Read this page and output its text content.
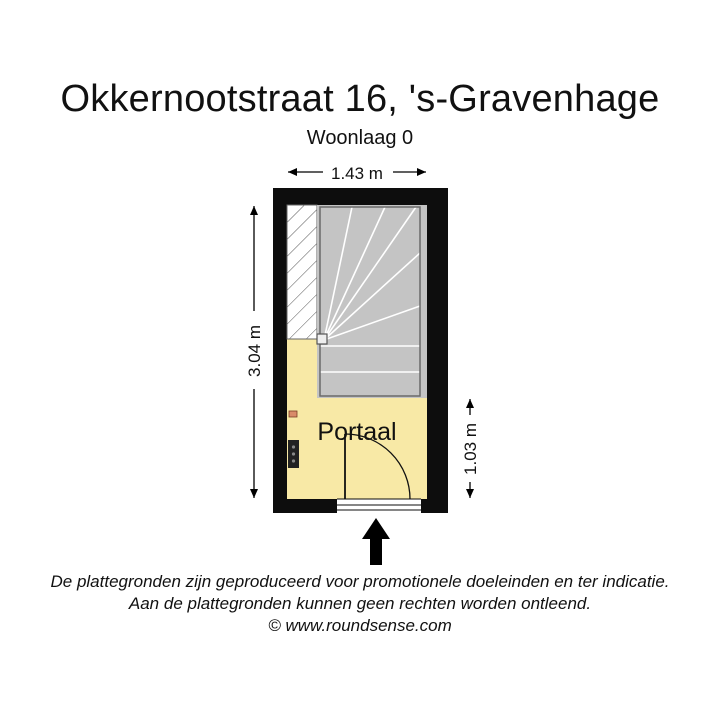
Okkernootstraat 16, 's-Gravenhage
Woonlaag 0
Portaal
1.43 m
3.04 m
1.03 m
De plattegronden zijn geproduceerd voor promotionele doeleinden en ter indicatie.
Aan de plattegronden kunnen geen rechten worden ontleend.
© www.roundsense.com
